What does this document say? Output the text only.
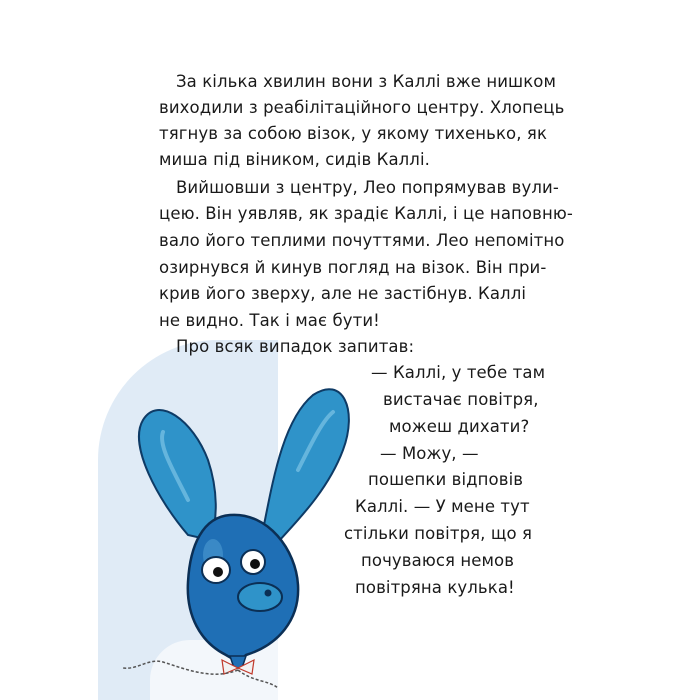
За кілька хвилин вони з Каллі вже нишком
виходили з реабілітаційного центру. Хлопець
тягнув за собою візок, у якому тихенько, як
миша під віником, сидів Каллі.
Вийшовши з центру, Лео попрямував вули-
цею. Він уявляв, як зрадіє Каллі, і це наповню-
вало його теплими почуттями. Лео непомітно
озирнувся й кинув погляд на візок. Він при-
крив його зверху, але не застібнув. Каллі
не видно. Так і має бути!
Про всяк випадок запитав:
— Каллі, у тебе там
вистачає повітря,
можеш дихати?
— Можу, —
пошепки відповів
Каллі. — У мене тут
стільки повітря, що я
почуваюся немов
повітряна кулька!
